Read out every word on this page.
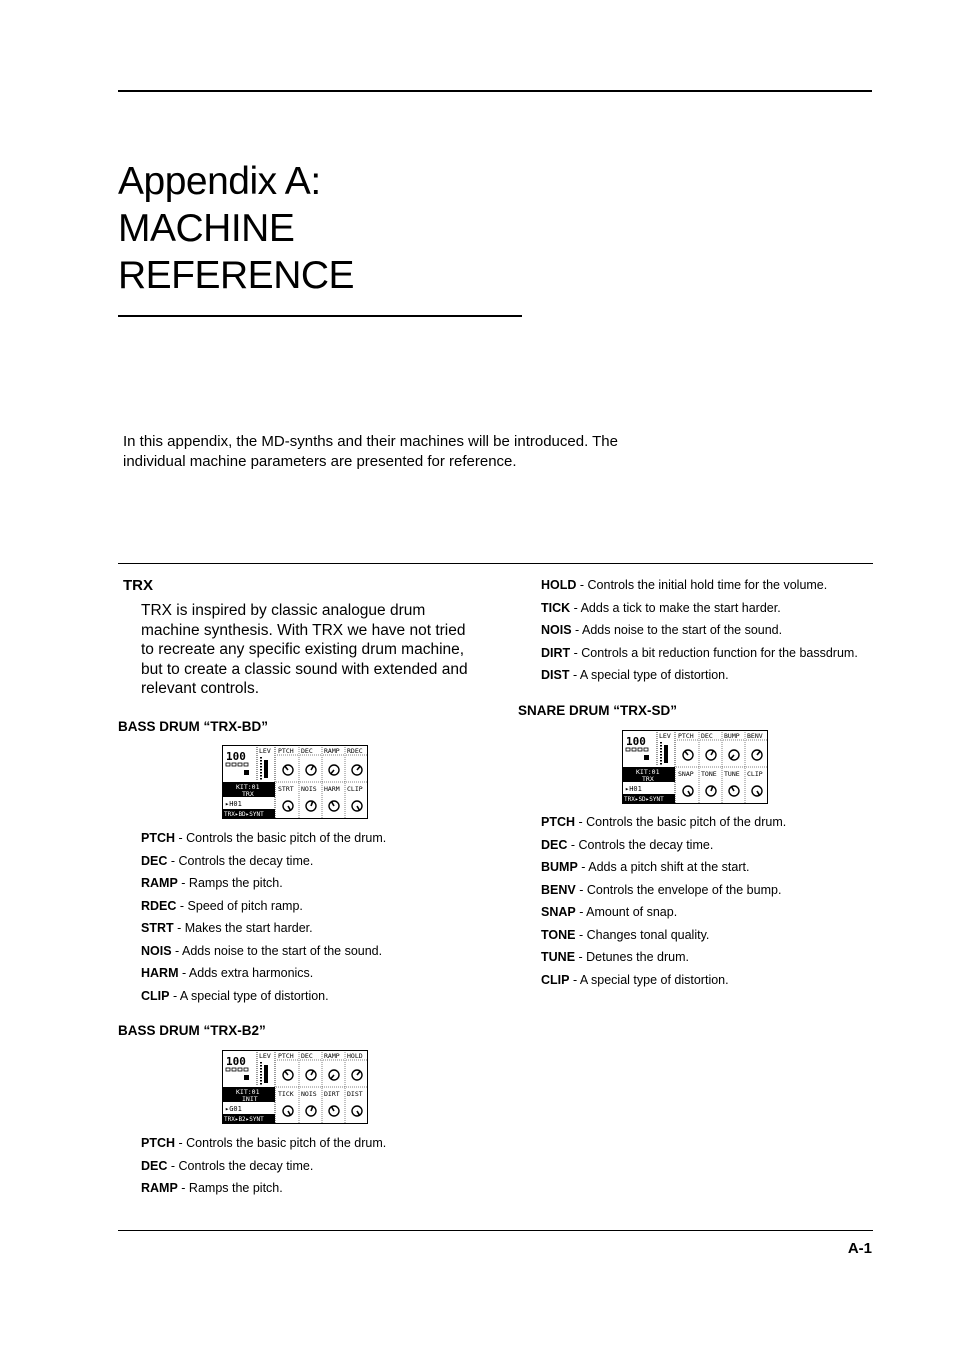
Appendix A:
MACHINE
REFERENCE
In this appendix, the MD-synths and their machines will be introduced. The individual machine parameters are presented for reference.
TRX
TRX is inspired by classic analogue drum machine synthesis. With TRX we have not tried to recreate any specific existing drum machine, but to create a classic sound with extended and relevant controls.
BASS DRUM “TRX-BD”
100
KIT:01
TRX
▸H01
TRX▸BD▸SYNT
LEV PTCH DEC RAMP RDEC
STRT NOIS HARM CLIP
PTCH - Controls the basic pitch of the drum.
DEC - Controls the decay time.
RAMP - Ramps the pitch.
RDEC - Speed of pitch ramp.
STRT - Makes the start harder.
NOIS - Adds noise to the start of the sound.
HARM - Adds extra harmonics.
CLIP - A special type of distortion.
BASS DRUM “TRX-B2”
100
KIT:01
INIT
▸G01
TRX▸B2▸SYNT
LEV PTCH DEC RAMP HOLD
TICK NOIS DIRT DIST
PTCH - Controls the basic pitch of the drum.
DEC - Controls the decay time.
RAMP - Ramps the pitch.
HOLD - Controls the initial hold time for the volume.
TICK - Adds a tick to make the start harder.
NOIS - Adds noise to the start of the sound.
DIRT - Controls a bit reduction function for the bassdrum.
DIST - A special type of distortion.
SNARE DRUM “TRX-SD”
100
KIT:01
TRX
▸H01
TRX▸SD▸SYNT
LEV PTCH DEC BUMP BENV
SNAP TONE TUNE CLIP
PTCH - Controls the basic pitch of the drum.
DEC - Controls the decay time.
BUMP - Adds a pitch shift at the start.
BENV - Controls the envelope of the bump.
SNAP - Amount of snap.
TONE - Changes tonal quality.
TUNE - Detunes the drum.
CLIP - A special type of distortion.
A-1
